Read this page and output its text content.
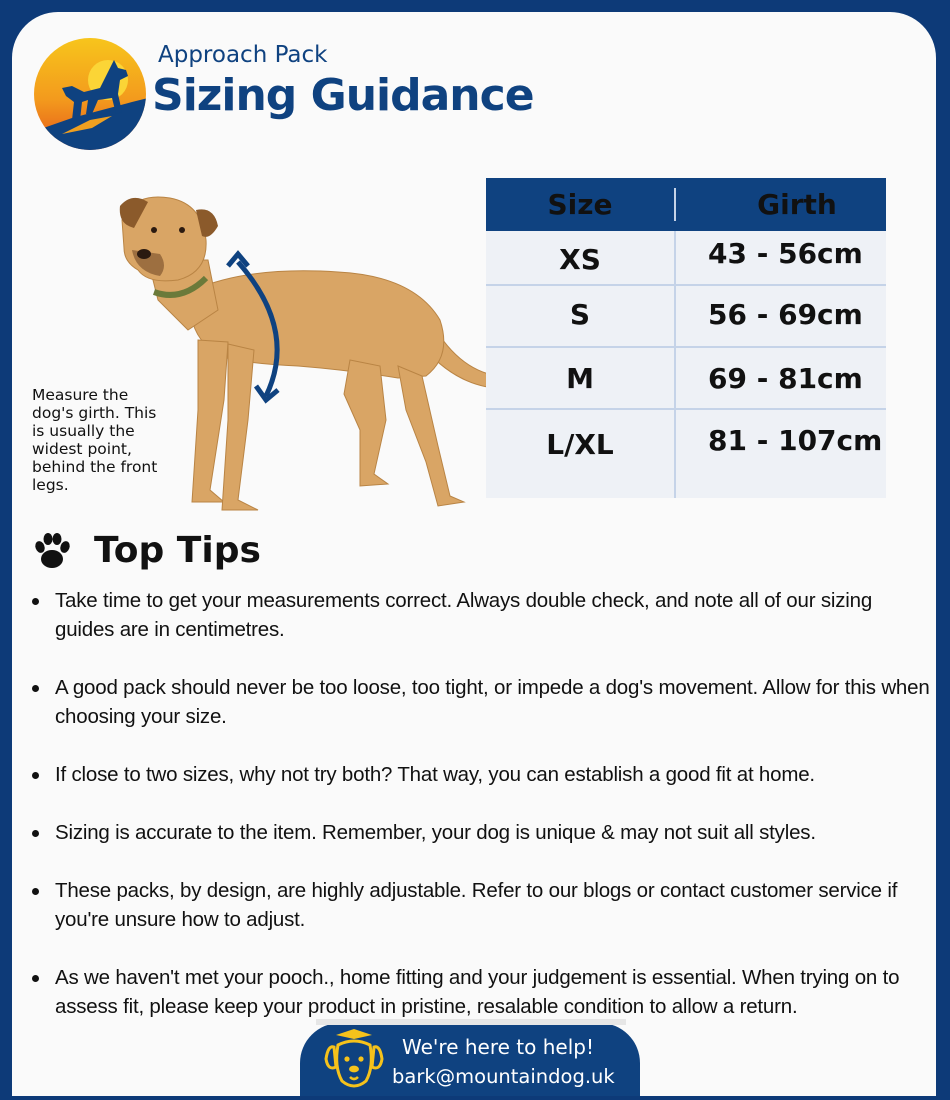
Approach Pack
Sizing Guidance
Measure the dog's girth. This is usually the widest point, behind the front legs.
Size	Girth
XS	43 - 56cm
S	56 - 69cm
M	69 - 81cm
L/XL	81 - 107cm
Top Tips
Take time to get your measurements correct. Always double check, and note all of our sizing guides are in centimetres.
A good pack should never be too loose, too tight, or impede a dog's movement. Allow for this when choosing your size.
If close to two sizes, why not try both? That way, you can establish a good fit at home.
Sizing is accurate to the item. Remember, your dog is unique & may not suit all styles.
These packs, by design, are highly adjustable. Refer to our blogs or contact customer service if you're unsure how to adjust.
As we haven't met your pooch., home fitting and your judgement is essential. When trying on to assess fit, please keep your product in pristine, resalable condition to allow a return.
We're here to help!
bark@mountaindog.uk
